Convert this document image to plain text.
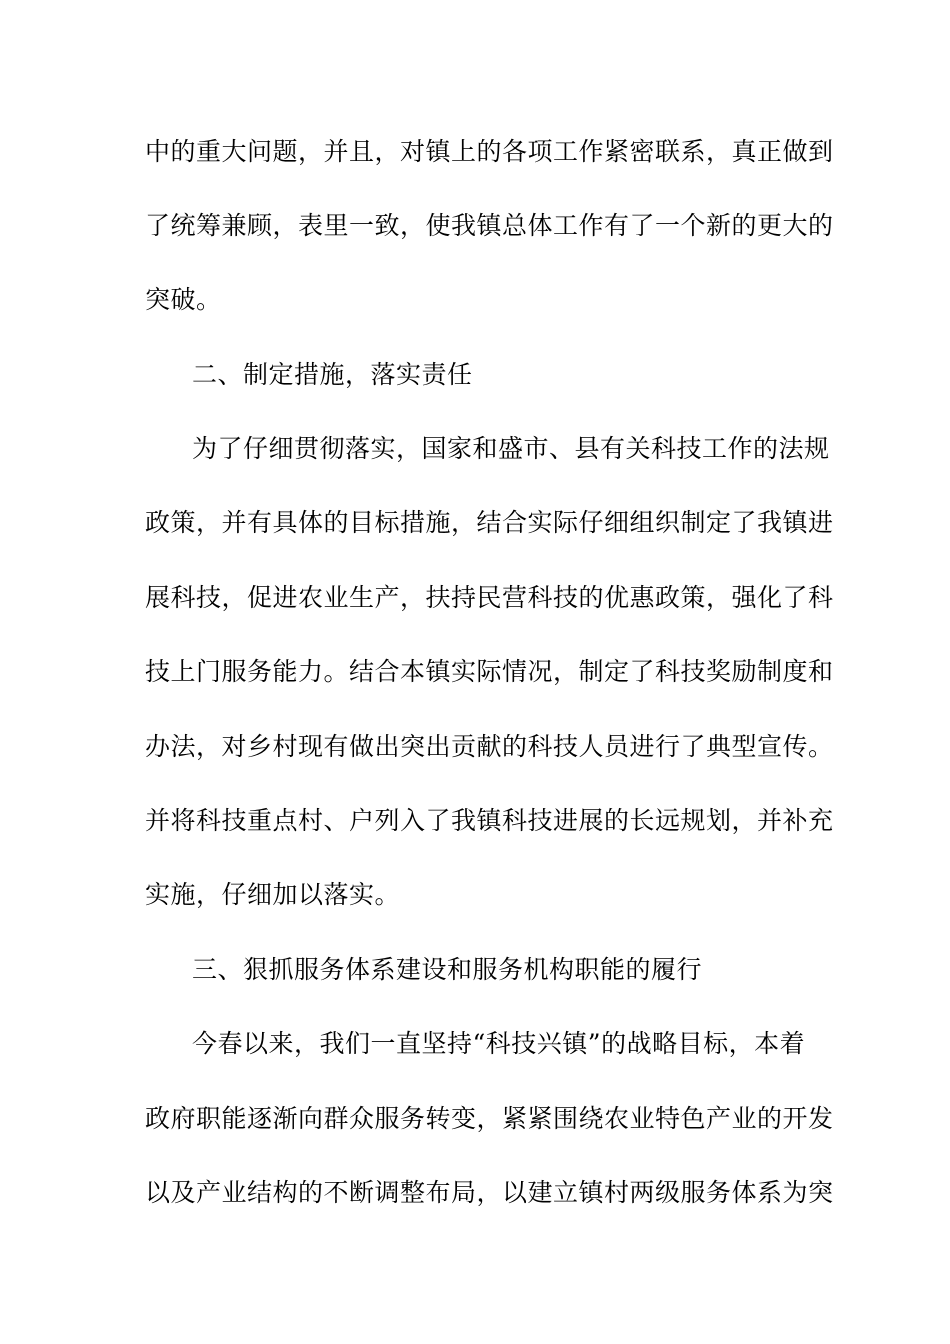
中的重大问题，并且，对镇上的各项工作紧密联系，真正做到
了统筹兼顾，表里一致，使我镇总体工作有了一个新的更大的
突破。
二、制定措施，落实责任
为了仔细贯彻落实，国家和盛市、县有关科技工作的法规
政策，并有具体的目标措施，结合实际仔细组织制定了我镇进
展科技，促进农业生产，扶持民营科技的优惠政策，强化了科
技上门服务能力。结合本镇实际情况，制定了科技奖励制度和
办法，对乡村现有做出突出贡献的科技人员进行了典型宣传。
并将科技重点村、户列入了我镇科技进展的长远规划，并补充
实施，仔细加以落实。
三、狠抓服务体系建设和服务机构职能的履行
今春以来，我们一直坚持“科技兴镇”的战略目标，本着
政府职能逐渐向群众服务转变，紧紧围绕农业特色产业的开发
以及产业结构的不断调整布局，以建立镇村两级服务体系为突
